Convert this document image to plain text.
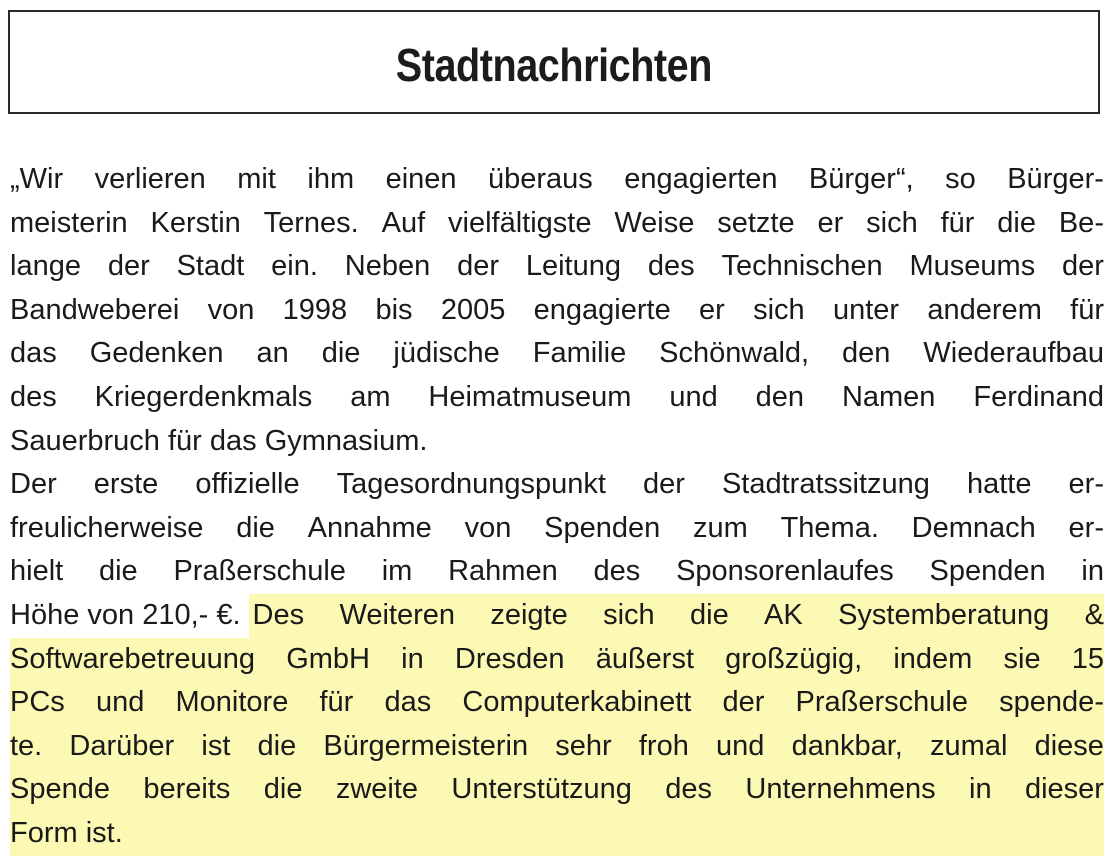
Stadtnachrichten
„Wir verlieren mit ihm einen überaus engagierten Bürger“, so Bürger-
meisterin Kerstin Ternes. Auf vielfältigste Weise setzte er sich für die Be-
lange der Stadt ein. Neben der Leitung des Technischen Museums der
Bandweberei von 1998 bis 2005 engagierte er sich unter anderem für
das Gedenken an die jüdische Familie Schönwald, den Wiederaufbau
des Kriegerdenkmals am Heimatmuseum und den Namen Ferdinand
Sauerbruch für das Gymnasium.
Der erste offizielle Tagesordnungspunkt der Stadtratssitzung hatte er-
freulicherweise die Annahme von Spenden zum Thema. Demnach er-
hielt die Praßerschule im Rahmen des Sponsorenlaufes Spenden in
Höhe von 210,- €. Des Weiteren zeigte sich die AK Systemberatung &
Softwarebetreuung GmbH in Dresden äußerst großzügig, indem sie 15
PCs und Monitore für das Computerkabinett der Praßerschule spende-
te. Darüber ist die Bürgermeisterin sehr froh und dankbar, zumal diese
Spende bereits die zweite Unterstützung des Unternehmens in dieser
Form ist.
